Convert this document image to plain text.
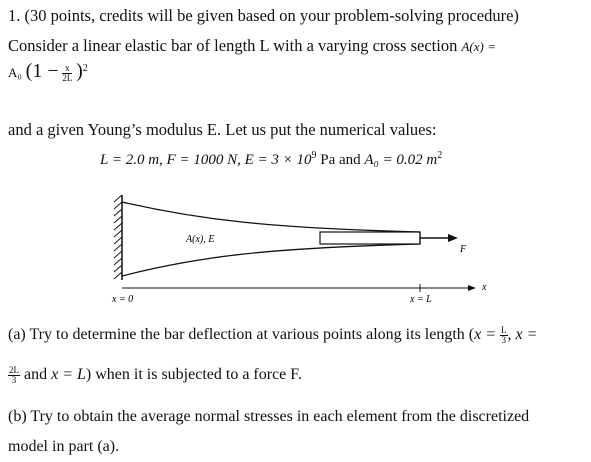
1. (30 points, credits will be given based on your problem-solving procedure)
Consider a linear elastic bar of length L with a varying cross section A(x) =
A₀ $(1 - \frac{x}{2L} )^2$
and a given Young’s modulus E. Let us put the numerical values:
L = 2.0 m, F = 1000 N, $E = 3 \times 10^9$ Pa and A₀ = 0.02 $m^2$
F
A(x), E
x
x = 0	x = L
(a) Try to determine the bar deflection at various points along its length ($x = \frac{L}{3}$ , x =
$\frac{2L}{3}$ and x = L) when it is subjected to a force F.
(b) Try to obtain the average normal stresses in each element from the discretized
model in part (a).
